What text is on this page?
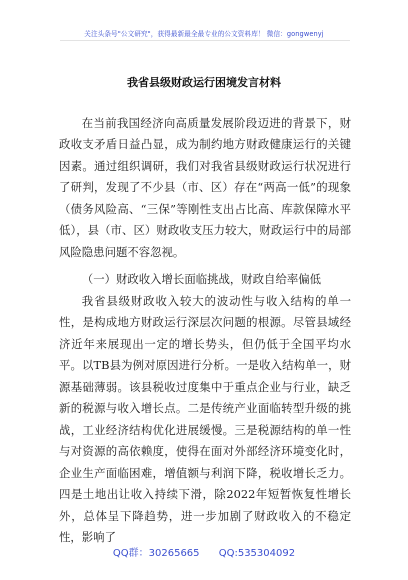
关注头条号"公文研究"，获得最新最全最专业的公文资料库！ 微信：gongwenyj
我省县级财政运行困境发言材料

在当前我国经济向高质量发展阶段迈进的背景下，财政收支矛盾日益凸显，成为制约地方财政健康运行的关键因素。通过组织调研，我们对我省县级财政运行状况进行了研判，发现了不少县（市、区）存在“两高一低”的现象（债务风险高、“三保”等刚性支出占比高、库款保障水平低），县（市、区）财政收支压力较大，财政运行中的局部风险隐患问题不容忽视。

（一）财政收入增长面临挑战，财政自给率偏低

我省县级财政收入较大的波动性与收入结构的单一性，是构成地方财政运行深层次问题的根源。尽管县域经济近年来展现出一定的增长势头，但仍低于全国平均水平。以TB县为例对原因进行分析。一是收入结构单一，财源基础薄弱。该县税收过度集中于重点企业与行业，缺乏新的税源与收入增长点。二是传统产业面临转型升级的挑战，工业经济结构优化进展缓慢。三是税源结构的单一性与对资源的高依赖度，使得在面对外部经济环境变化时，企业生产面临困难，增值额与利润下降，税收增长乏力。四是土地出让收入持续下滑，除2022年短暂恢复性增长外，总体呈下降趋势，进一步加剧了财政收入的不稳定性，影响了

QQ群：30265665 QQ:535304092
